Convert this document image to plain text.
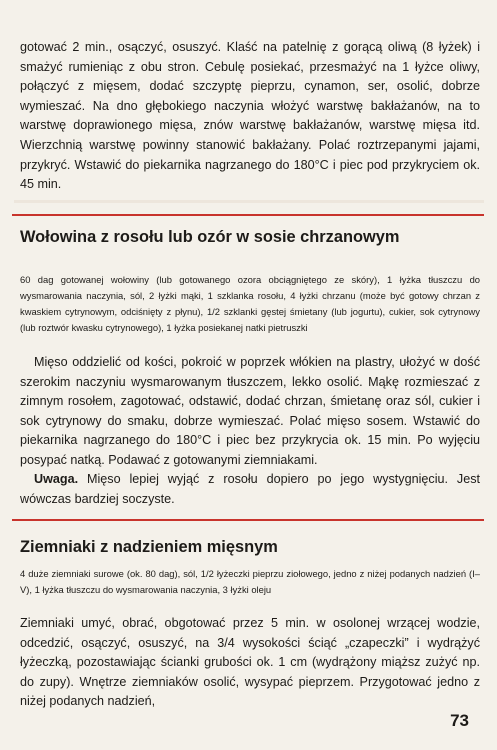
gotować 2 min., osączyć, osuszyć. Klaść na patelnię z gorącą oliwą (8 łyżek) i smażyć rumieniąc z obu stron. Cebulę posiekać, przesmażyć na 1 łyżce oliwy, połączyć z mięsem, dodać szczyptę pieprzu, cynamon, ser, osolić, dobrze wymieszać. Na dno głębokiego naczynia włożyć warstwę bakłażanów, na to warstwę doprawionego mięsa, znów warstwę bakłażanów, warstwę mięsa itd. Wierzchnią warstwę powinny stanowić bakłażany. Polać roztrzepanymi jajami, przykryć. Wstawić do piekarnika nagrzanego do 180°C i piec pod przykryciem ok. 45 min.

Wołowina z rosołu lub ozór w sosie chrzanowym

60 dag gotowanej wołowiny (lub gotowanego ozora obciągniętego ze skóry), 1 łyżka tłuszczu do wysmarowania naczynia, sól, 2 łyżki mąki, 1 szklanka rosołu, 4 łyżki chrzanu (może być gotowy chrzan z kwaskiem cytrynowym, odciśnięty z płynu), 1/2 szklanki gęstej śmietany (lub jogurtu), cukier, sok cytrynowy (lub roztwór kwasku cytrynowego), 1 łyżka posiekanej natki pietruszki

Mięso oddzielić od kości, pokroić w poprzek włókien na plastry, ułożyć w dość szerokim naczyniu wysmarowanym tłuszczem, lekko osolić. Mąkę rozmieszać z zimnym rosołem, zagotować, odstawić, dodać chrzan, śmietanę oraz sól, cukier i sok cytrynowy do smaku, dobrze wymieszać. Polać mięso sosem. Wstawić do piekarnika nagrzanego do 180°C i piec bez przykrycia ok. 15 min. Po wyjęciu posypać natką. Podawać z gotowanymi ziemniakami.

Uwaga. Mięso lepiej wyjąć z rosołu dopiero po jego wystygnięciu. Jest wówczas bardziej soczyste.

Ziemniaki z nadzieniem mięsnym

4 duże ziemniaki surowe (ok. 80 dag), sól, 1/2 łyżeczki pieprzu ziołowego, jedno z niżej podanych nadzień (I–V), 1 łyżka tłuszczu do wysmarowania naczynia, 3 łyżki oleju

Ziemniaki umyć, obrać, obgotować przez 5 min. w osolonej wrzącej wodzie, odcedzić, osączyć, osuszyć, na 3/4 wysokości ściąć „czapeczki” i wydrążyć łyżeczką, pozostawiając ścianki grubości ok. 1 cm (wydrążony miąższ zużyć np. do zupy). Wnętrze ziemniaków osolić, wysypać pieprzem. Przygotować jedno z niżej podanych nadzień,

73
